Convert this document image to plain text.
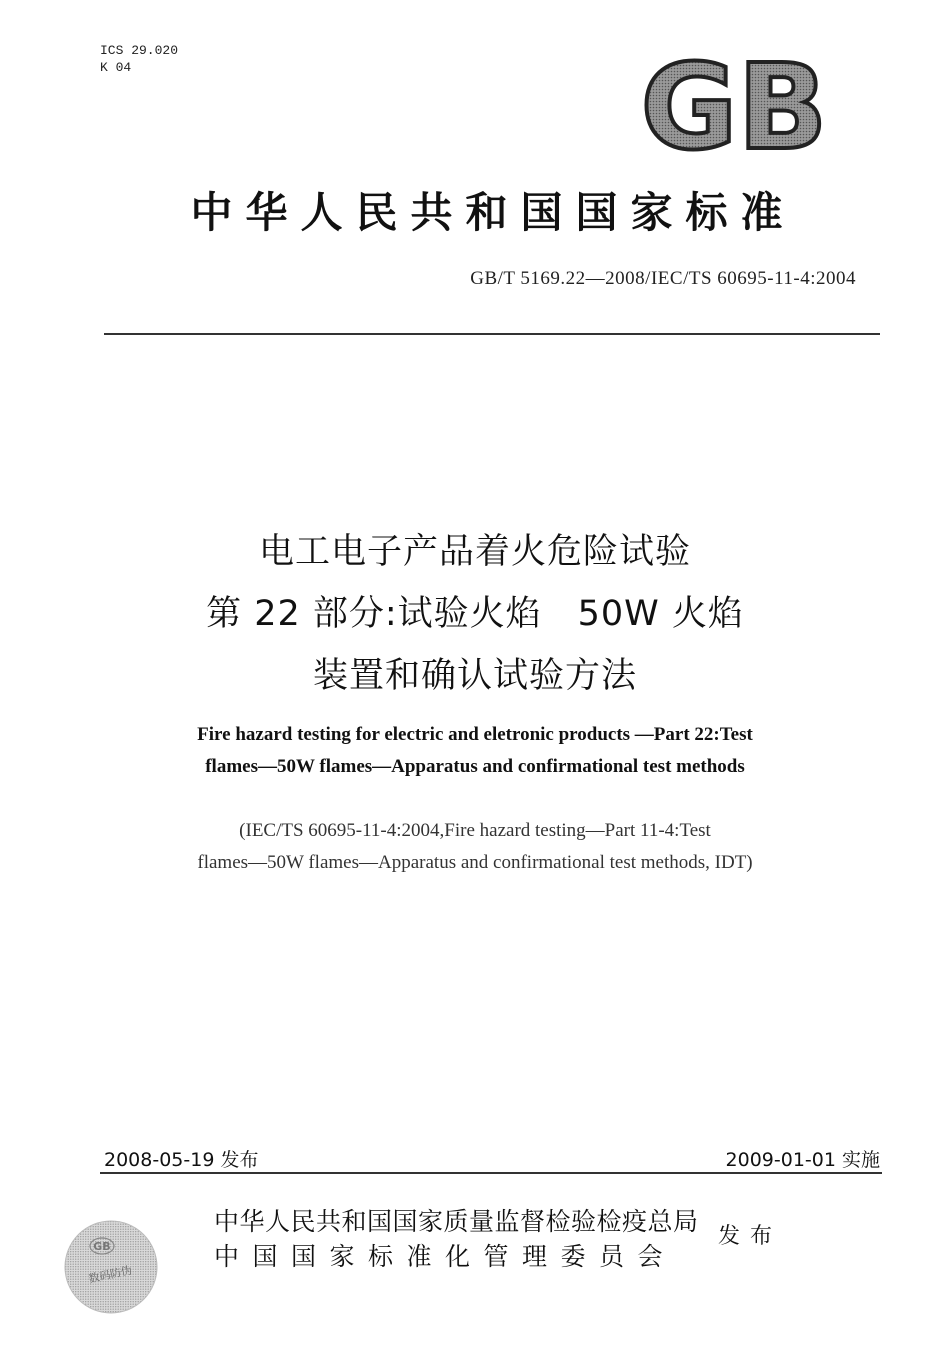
ICS 29.020
K 04	GB
中华人民共和国国家标准
GB/T 5169.22—2008/IEC/TS 60695-11-4:2004
电工电子产品着火危险试验
第 22 部分:试验火焰　50W 火焰
装置和确认试验方法
Fire hazard testing for electric and eletronic products —Part 22:Test
flames—50W flames—Apparatus and confirmational test methods
(IEC/TS 60695-11-4:2004,Fire hazard testing—Part 11-4:Test
flames—50W flames—Apparatus and confirmational test methods, IDT)
2008-05-19 发布	2009-01-01 实施
GB
数码防伪
中华人民共和国国家质量监督检验检疫总局
中国国家标准化管理委员会
发布
